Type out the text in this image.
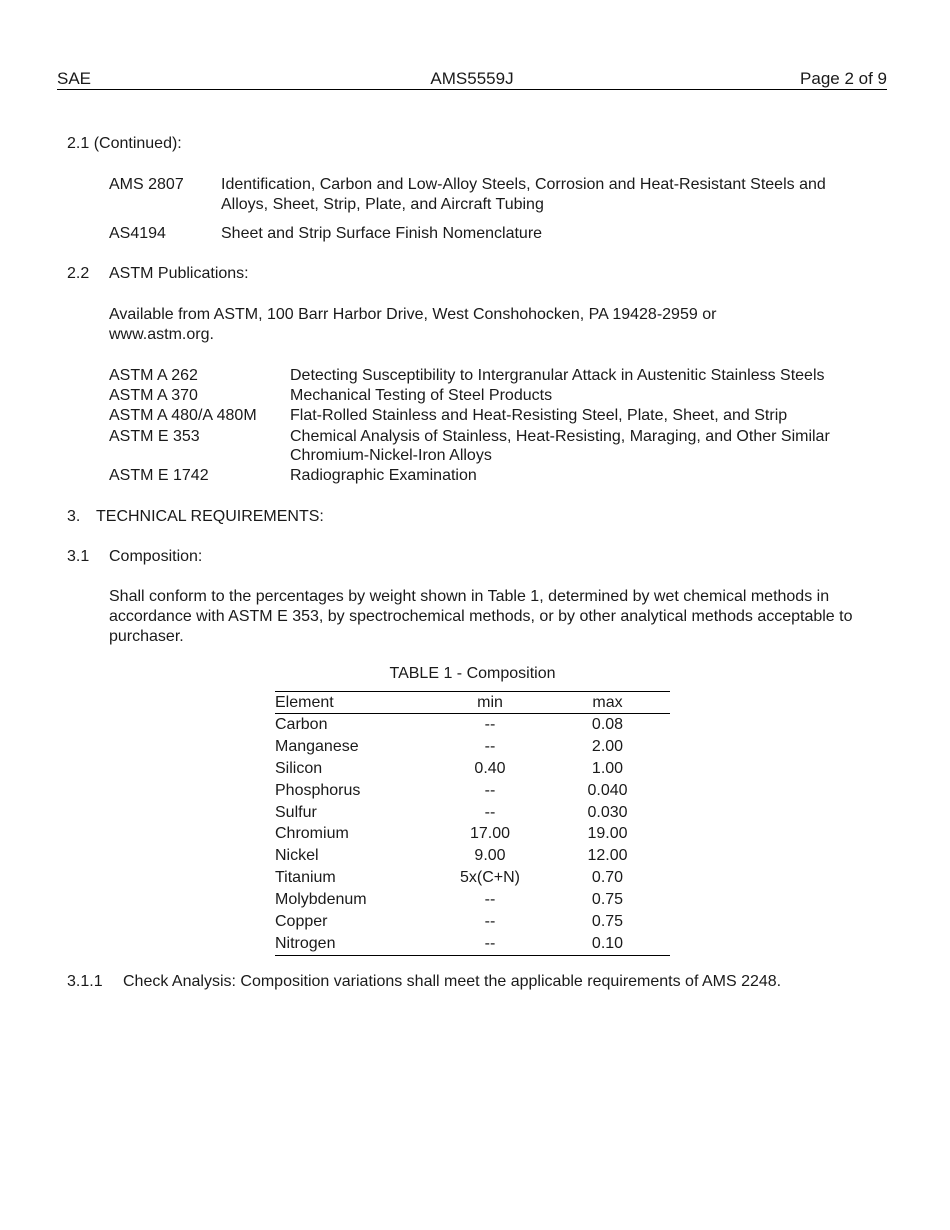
SAE	AMS5559J	Page 2 of 9
2.1 (Continued):
AMS 2807 Identification, Carbon and Low-Alloy Steels, Corrosion and Heat-Resistant Steels and Alloys, Sheet, Strip, Plate, and Aircraft Tubing
AS4194	Sheet and Strip Surface Finish Nomenclature
2.2 ASTM Publications:
Available from ASTM, 100 Barr Harbor Drive, West Conshohocken, PA 19428-2959 or www.astm.org.
ASTM A 262	Detecting Susceptibility to Intergranular Attack in Austenitic Stainless Steels
ASTM A 370	Mechanical Testing of Steel Products
ASTM A 480/A 480M Flat-Rolled Stainless and Heat-Resisting Steel, Plate, Sheet, and Strip
ASTM E 353	Chemical Analysis of Stainless, Heat-Resisting, Maraging, and Other Similar Chromium-Nickel-Iron Alloys
ASTM E 1742	Radiographic Examination
3. TECHNICAL REQUIREMENTS:
3.1 Composition:
Shall conform to the percentages by weight shown in Table 1, determined by wet chemical methods in accordance with ASTM E 353, by spectrochemical methods, or by other analytical methods acceptable to purchaser.
TABLE 1 - Composition
Element	min	max
Carbon	--	0.08
Manganese	--	2.00
Silicon	0.40	1.00
Phosphorus	--	0.040
Sulfur	--	0.030
Chromium	17.00	19.00
Nickel	9.00	12.00
Titanium	5x(C+N)	0.70
Molybdenum	--	0.75
Copper	--	0.75
Nitrogen	--	0.10
3.1.1 Check Analysis: Composition variations shall meet the applicable requirements of AMS 2248.
